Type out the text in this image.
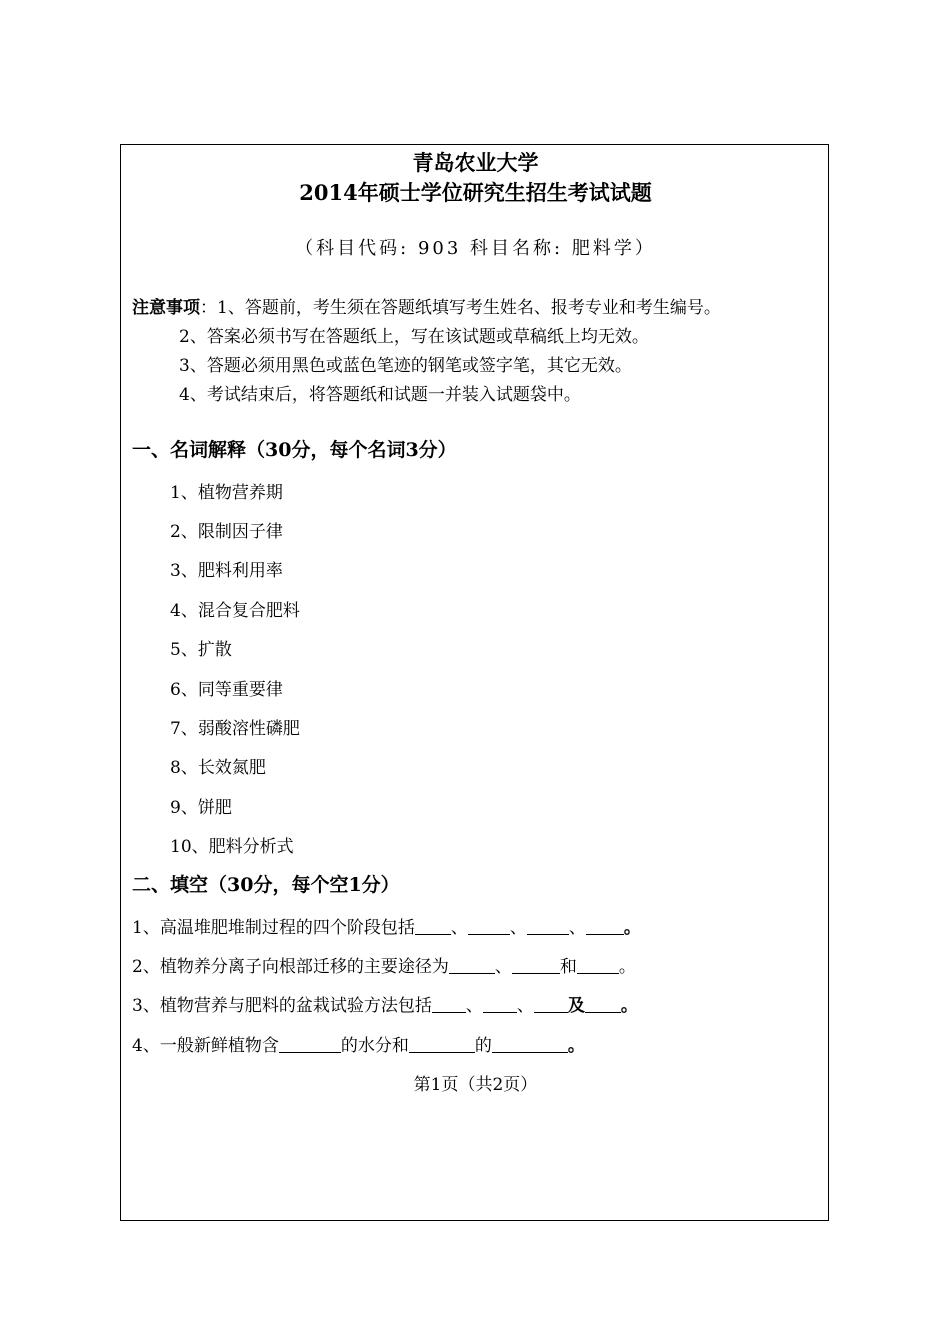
青岛农业大学
2014年硕士学位研究生招生考试试题
（科目代码: 903 科目名称: 肥料学）
注意事项：1、答题前，考生须在答题纸填写考生姓名、报考专业和考生编号。
2、答案必须书写在答题纸上，写在该试题或草稿纸上均无效。
3、答题必须用黑色或蓝色笔迹的钢笔或签字笔，其它无效。
4、考试结束后，将答题纸和试题一并装入试题袋中。
一、名词解释（30分，每个名词3分）
1、植物营养期
2、限制因子律
3、肥料利用率
4、混合复合肥料
5、扩散
6、同等重要律
7、弱酸溶性磷肥
8、长效氮肥
9、饼肥
10、肥料分析式
二、填空（30分，每个空1分）
1、高温堆肥堆制过程的四个阶段包括 、 、 、 。
2、植物养分离子向根部迁移的主要途径为	、	和 。
3、植物营养与肥料的盆栽试验方法包括 、 、 及 。
4、一般新鲜植物含	的水分和	的	。
第1页（共2页）
